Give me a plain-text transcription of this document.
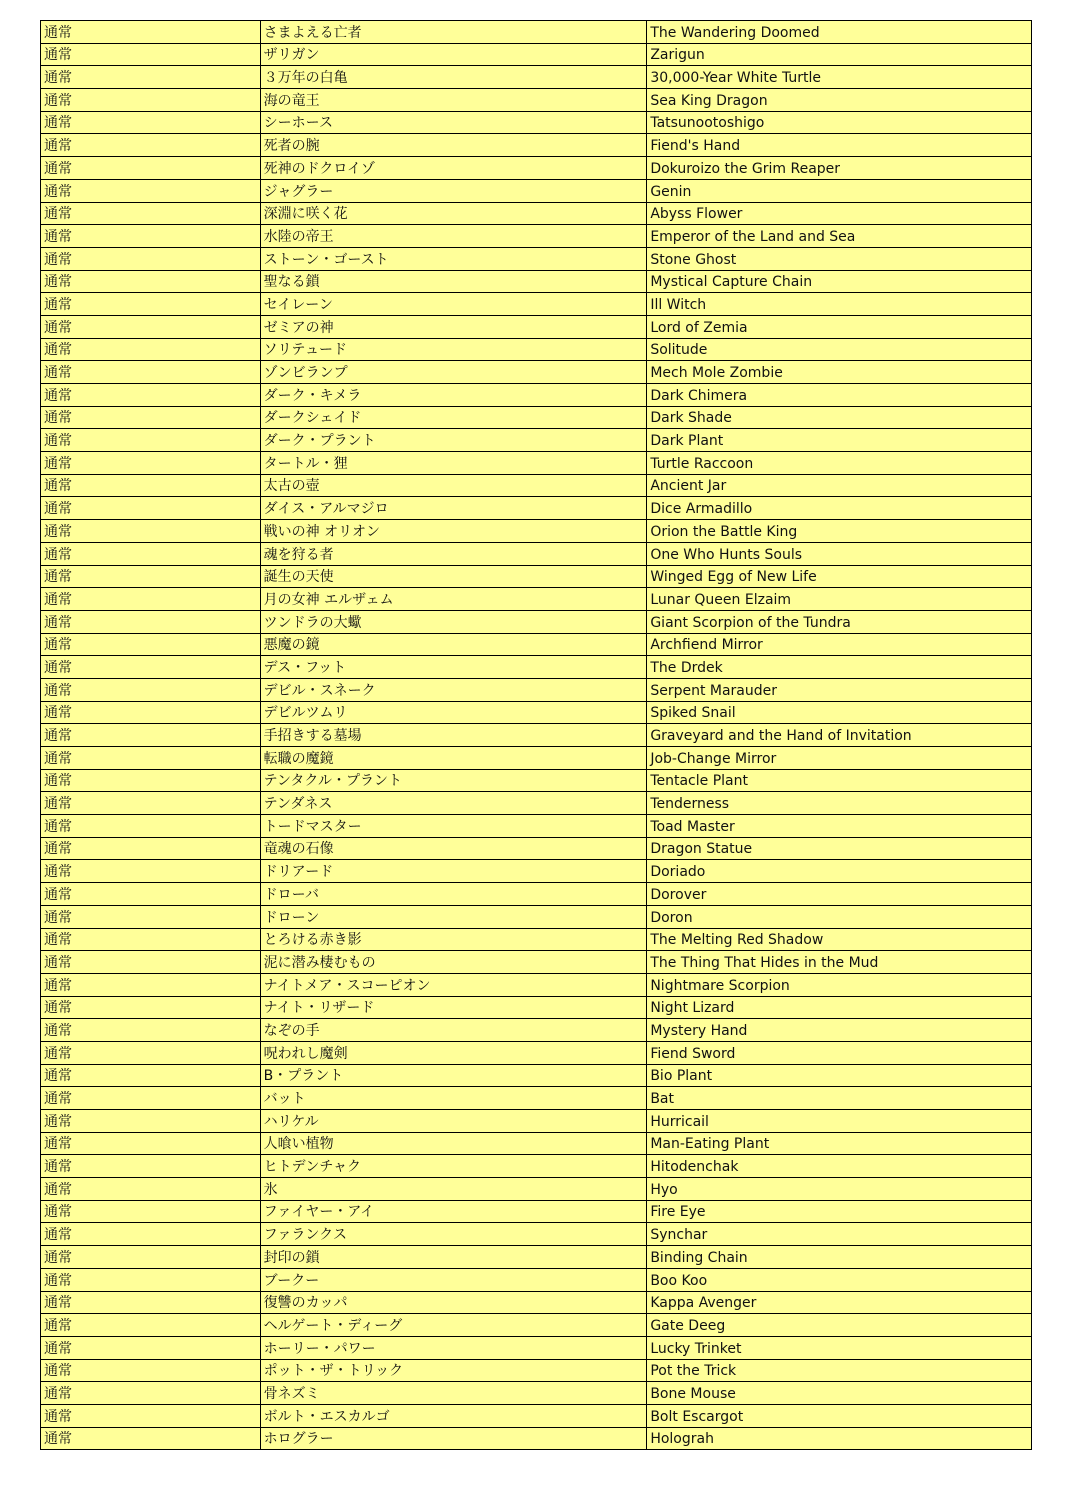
通常	さまよえる亡者	The Wandering Doomed
通常	ザリガン	Zarigun
通常	３万年の白亀	30,000-Year White Turtle
通常	海の竜王	Sea King Dragon
通常	シーホース	Tatsunootoshigo
通常	死者の腕	Fiend's Hand
通常	死神のドクロイゾ	Dokuroizo the Grim Reaper
通常	ジャグラー	Genin
通常	深淵に咲く花	Abyss Flower
通常	水陸の帝王	Emperor of the Land and Sea
通常	ストーン・ゴースト	Stone Ghost
通常	聖なる鎖	Mystical Capture Chain
通常	セイレーン	Ill Witch
通常	ゼミアの神	Lord of Zemia
通常	ソリテュード	Solitude
通常	ゾンビランプ	Mech Mole Zombie
通常	ダーク・キメラ	Dark Chimera
通常	ダークシェイド	Dark Shade
通常	ダーク・プラント	Dark Plant
通常	タートル・狸	Turtle Raccoon
通常	太古の壺	Ancient Jar
通常	ダイス・アルマジロ	Dice Armadillo
通常	戦いの神 オリオン	Orion the Battle King
通常	魂を狩る者	One Who Hunts Souls
通常	誕生の天使	Winged Egg of New Life
通常	月の女神 エルザェム	Lunar Queen Elzaim
通常	ツンドラの大蠍	Giant Scorpion of the Tundra
通常	悪魔の鏡	Archfiend Mirror
通常	デス・フット	The Drdek
通常	デビル・スネーク	Serpent Marauder
通常	デビルツムリ	Spiked Snail
通常	手招きする墓場	Graveyard and the Hand of Invitation
通常	転職の魔鏡	Job-Change Mirror
通常	テンタクル・プラント	Tentacle Plant
通常	テンダネス	Tenderness
通常	トードマスター	Toad Master
通常	竜魂の石像	Dragon Statue
通常	ドリアード	Doriado
通常	ドローバ	Dorover
通常	ドローン	Doron
通常	とろける赤き影	The Melting Red Shadow
通常	泥に潜み棲むもの	The Thing That Hides in the Mud
通常	ナイトメア・スコーピオン	Nightmare Scorpion
通常	ナイト・リザード	Night Lizard
通常	なぞの手	Mystery Hand
通常	呪われし魔剣	Fiend Sword
通常	B・プラント	Bio Plant
通常	バット	Bat
通常	ハリケル	Hurricail
通常	人喰い植物	Man-Eating Plant
通常	ヒトデンチャク	Hitodenchak
通常	氷	Hyo
通常	ファイヤー・アイ	Fire Eye
通常	ファランクス	Synchar
通常	封印の鎖	Binding Chain
通常	ブークー	Boo Koo
通常	復讐のカッパ	Kappa Avenger
通常	ヘルゲート・ディーグ	Gate Deeg
通常	ホーリー・パワー	Lucky Trinket
通常	ポット・ザ・トリック	Pot the Trick
通常	骨ネズミ	Bone Mouse
通常	ボルト・エスカルゴ	Bolt Escargot
通常	ホログラー	Holograh
